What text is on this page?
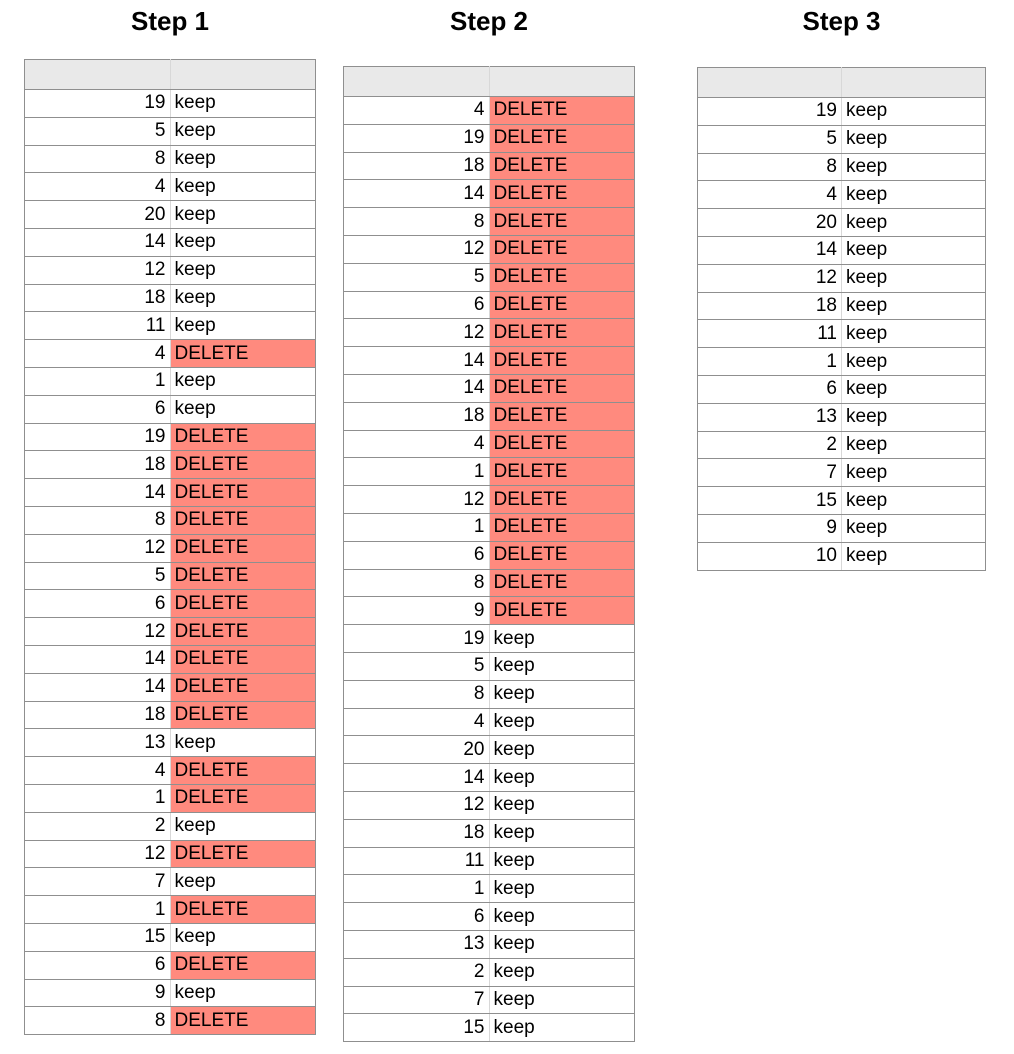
Step 1

19	keep
5	keep
8	keep
4	keep
20	keep
14	keep
12	keep
18	keep
11	keep
4	DELETE
1	keep
6	keep
19	DELETE
18	DELETE
14	DELETE
8	DELETE
12	DELETE
5	DELETE
6	DELETE
12	DELETE
14	DELETE
14	DELETE
18	DELETE
13	keep
4	DELETE
1	DELETE
2	keep
12	DELETE
7	keep
1	DELETE
15	keep
6	DELETE
9	keep
8	DELETE
Step 2

4	DELETE
19	DELETE
18	DELETE
14	DELETE
8	DELETE
12	DELETE
5	DELETE
6	DELETE
12	DELETE
14	DELETE
14	DELETE
18	DELETE
4	DELETE
1	DELETE
12	DELETE
1	DELETE
6	DELETE
8	DELETE
9	DELETE
19	keep
5	keep
8	keep
4	keep
20	keep
14	keep
12	keep
18	keep
11	keep
1	keep
6	keep
13	keep
2	keep
7	keep
15	keep
Step 3

19	keep
5	keep
8	keep
4	keep
20	keep
14	keep
12	keep
18	keep
11	keep
1	keep
6	keep
13	keep
2	keep
7	keep
15	keep
9	keep
10	keep
